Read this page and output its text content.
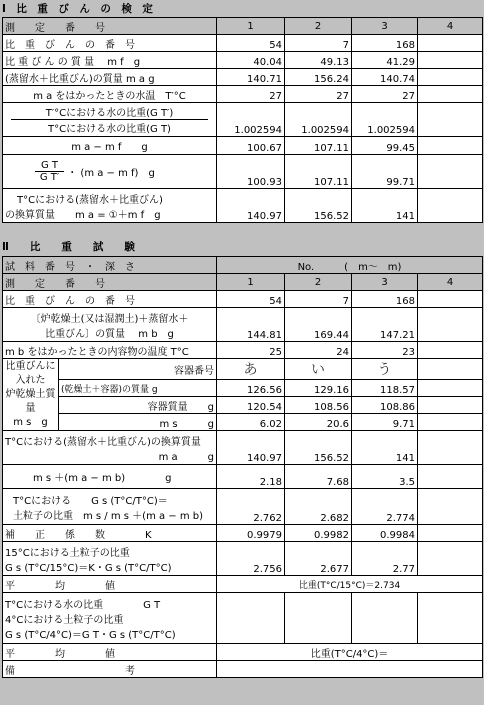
Ⅰ　比　重　び　ん　の　検　定
測　　定　　番　　号	1	2	3	4
比　重　び　ん　の　番　号	54	7	168	
比 重 び ん の 質 量　 m f　g	40.04	49.13	41.29	
(蒸留水＋比重びん)の質量 m a g	140.71	156.24	140.74	
m a をはかったときの水温　T′°C	27	27	27	

T′°Cにおける水の比重(G T′)
T°Cにおける水の比重(G T)	1.002594	1.002594	1.002594	
m a − m f　　g	100.67	107.11	99.45	

$\frac{\text{G T}}{\text{G T′}}$ ・ (m a − m f)　g	100.93	107.11	99.71	

T°Cにおける(蒸留水＋比重びん)
の換算質量　　m a = ①＋m f　g	140.97	156.52	141	
Ⅱ　　比　　重　　試　　験
試　料　番　号　・　深　さ		No.　　　(　m〜　m)			
測　　定　　番　　号		1	2	3	4
比　重　び　ん　の　番　号		54	7	168	

〔炉乾燥土(又は湿潤土)＋蒸留水＋
比重びん〕の質量　 m b　g		144.81	169.44	147.21	
m b をはかったときの内容物の温度 T°C		25	24	23	

比重びんに入れた
炉乾燥土質量
m s　g	容器番号	あ	い	う	
	(乾燥土＋容器)の質量 g	126.56	129.16	118.57	
	容器質量　　g	120.54	108.56	108.86	
	m s　　　g	6.02	20.6	9.71	

T°Cにおける(蒸留水＋比重びん)の換算質量
m a　　　g		140.97	156.52	141	
m s ＋(m a − m b)　　　　g		2.18	7.68	3.5	

T°Cにおける　　G s (T°C/T°C)＝
土粒子の比重　m s / m s ＋(m a − m b)		2.762	2.682	2.774	
補　　正　　係　　数　　　　K		0.9979	0.9982	0.9984	

15°Cにおける土粒子の比重
G s (T°C/15°C)＝K・G s (T°C/T°C)		2.756	2.677	2.77	
平　　　　均　　　　値		比重(T°C/15°C)＝2.734			

T°Cにおける水の比重　　　　G T
4°Cにおける土粒子の比重
G s (T°C/4°C)＝G T・G s (T°C/T°C)					

平　　　　均　　　　値		比重(T°C/4°C)＝			
備　　　　　　　　　　　考					
